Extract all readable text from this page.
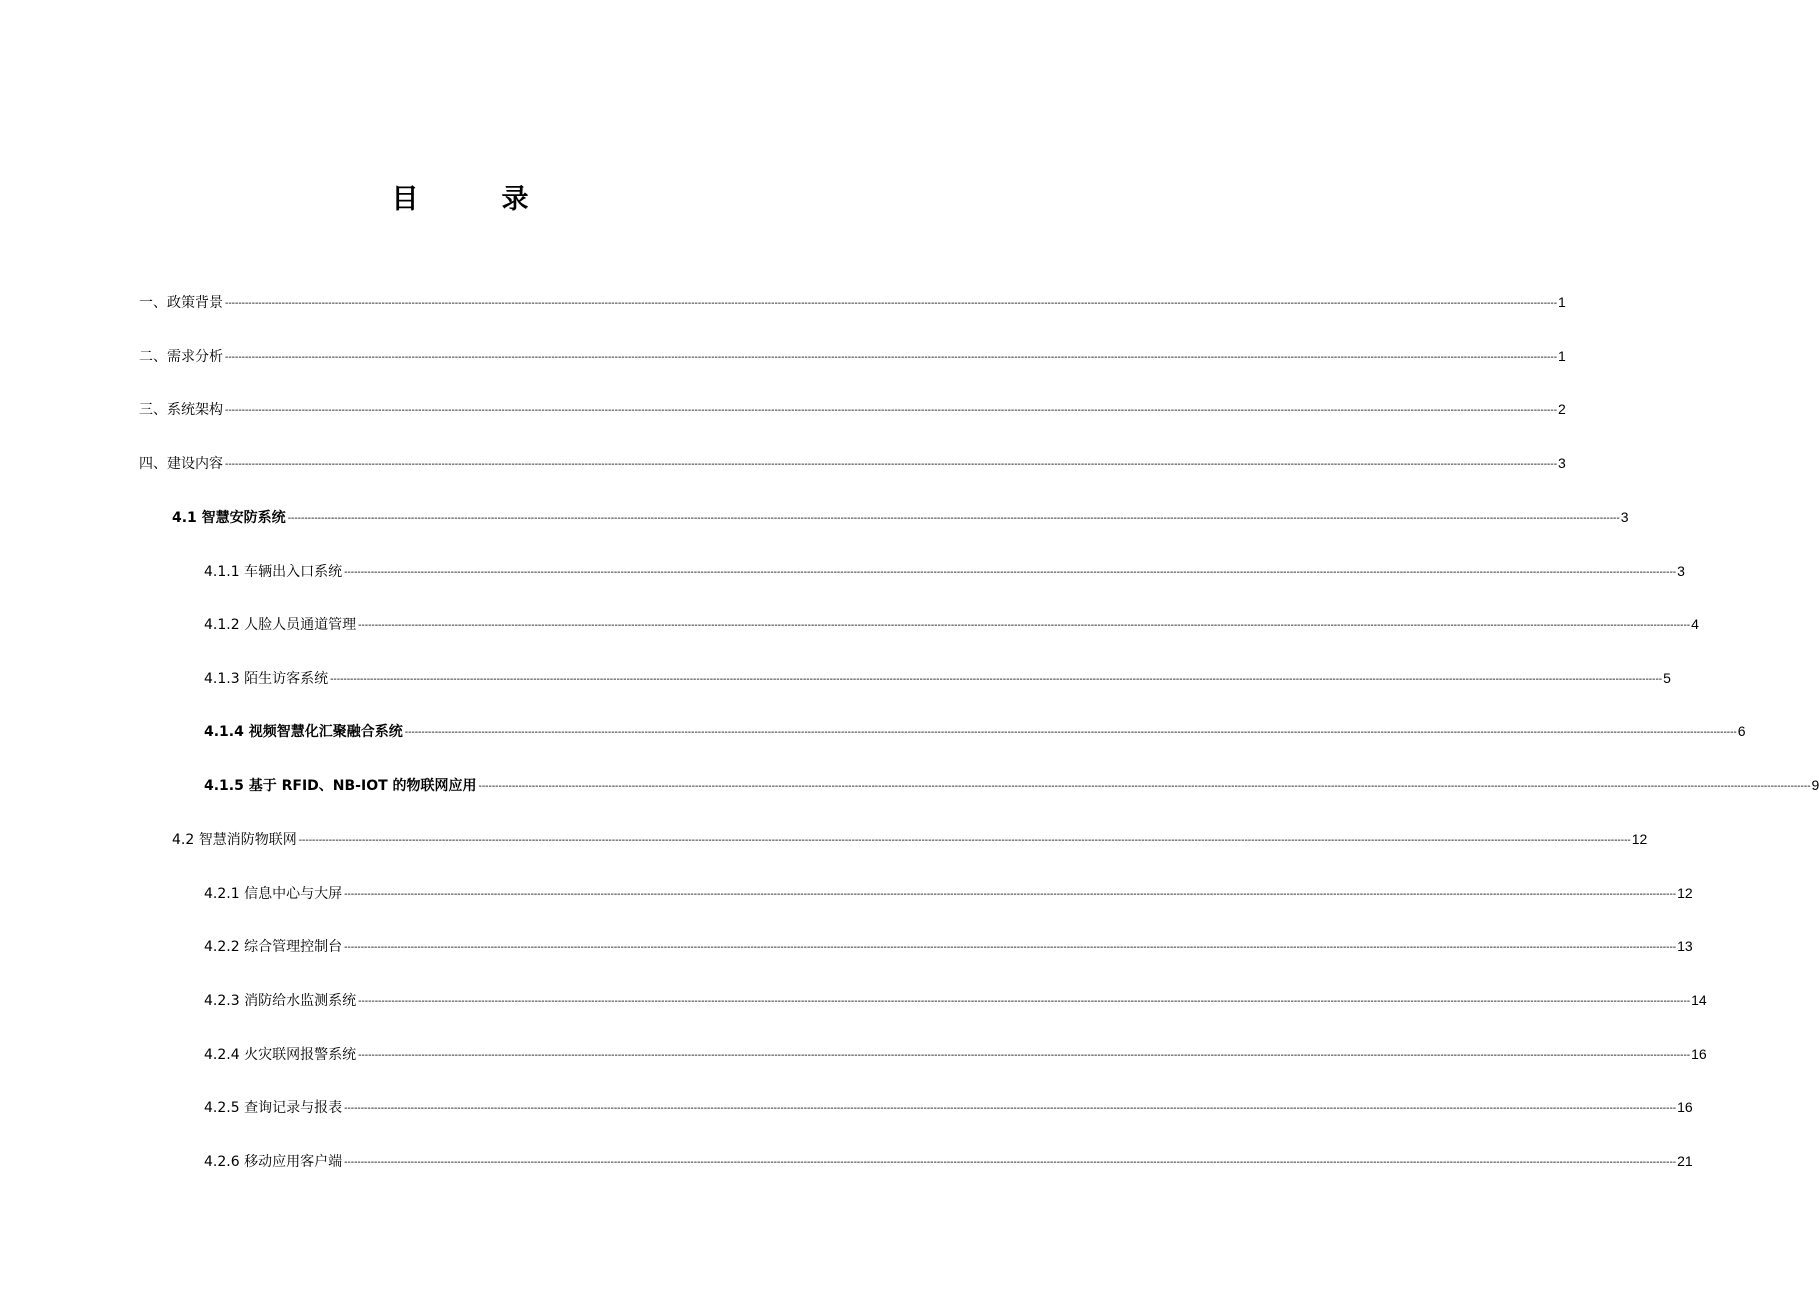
目　录
一、政策背景 ---------------------------------------------------------------------------------------------------------------------------------------------------------------------------------------------------------------------------------------------------------------------------------------------------------------------------------------------------------------------------------------------------------------- 1
二、需求分析 ---------------------------------------------------------------------------------------------------------------------------------------------------------------------------------------------------------------------------------------------------------------------------------------------------------------------------------------------------------------------------------------------------------------- 1
三、系统架构 ---------------------------------------------------------------------------------------------------------------------------------------------------------------------------------------------------------------------------------------------------------------------------------------------------------------------------------------------------------------------------------------------------------------- 2
四、建设内容 ---------------------------------------------------------------------------------------------------------------------------------------------------------------------------------------------------------------------------------------------------------------------------------------------------------------------------------------------------------------------------------------------------------------- 3
4.1 智慧安防系统 ---------------------------------------------------------------------------------------------------------------------------------------------------------------------------------------------------------------------------------------------------------------------------------------------------------------------------------------------------------------------------------------------------------------- 3
4.1.1 车辆出入口系统 ---------------------------------------------------------------------------------------------------------------------------------------------------------------------------------------------------------------------------------------------------------------------------------------------------------------------------------------------------------------------------------------------------------------- 3
4.1.2 人脸人员通道管理 ---------------------------------------------------------------------------------------------------------------------------------------------------------------------------------------------------------------------------------------------------------------------------------------------------------------------------------------------------------------------------------------------------------------- 4
4.1.3 陌生访客系统 ---------------------------------------------------------------------------------------------------------------------------------------------------------------------------------------------------------------------------------------------------------------------------------------------------------------------------------------------------------------------------------------------------------------- 5
4.1.4 视频智慧化汇聚融合系统 ---------------------------------------------------------------------------------------------------------------------------------------------------------------------------------------------------------------------------------------------------------------------------------------------------------------------------------------------------------------------------------------------------------------- 6
4.1.5 基于 RFID、NB-IOT 的物联网应用 ---------------------------------------------------------------------------------------------------------------------------------------------------------------------------------------------------------------------------------------------------------------------------------------------------------------------------------------------------------------------------------------------------------------- 9
4.2 智慧消防物联网 ---------------------------------------------------------------------------------------------------------------------------------------------------------------------------------------------------------------------------------------------------------------------------------------------------------------------------------------------------------------------------------------------------------------- 12
4.2.1 信息中心与大屏 ---------------------------------------------------------------------------------------------------------------------------------------------------------------------------------------------------------------------------------------------------------------------------------------------------------------------------------------------------------------------------------------------------------------- 12
4.2.2 综合管理控制台 ---------------------------------------------------------------------------------------------------------------------------------------------------------------------------------------------------------------------------------------------------------------------------------------------------------------------------------------------------------------------------------------------------------------- 13
4.2.3 消防给水监测系统 ---------------------------------------------------------------------------------------------------------------------------------------------------------------------------------------------------------------------------------------------------------------------------------------------------------------------------------------------------------------------------------------------------------------- 14
4.2.4 火灾联网报警系统 ---------------------------------------------------------------------------------------------------------------------------------------------------------------------------------------------------------------------------------------------------------------------------------------------------------------------------------------------------------------------------------------------------------------- 16
4.2.5 查询记录与报表 ---------------------------------------------------------------------------------------------------------------------------------------------------------------------------------------------------------------------------------------------------------------------------------------------------------------------------------------------------------------------------------------------------------------- 16
4.2.6 移动应用客户端 ---------------------------------------------------------------------------------------------------------------------------------------------------------------------------------------------------------------------------------------------------------------------------------------------------------------------------------------------------------------------------------------------------------------- 21
